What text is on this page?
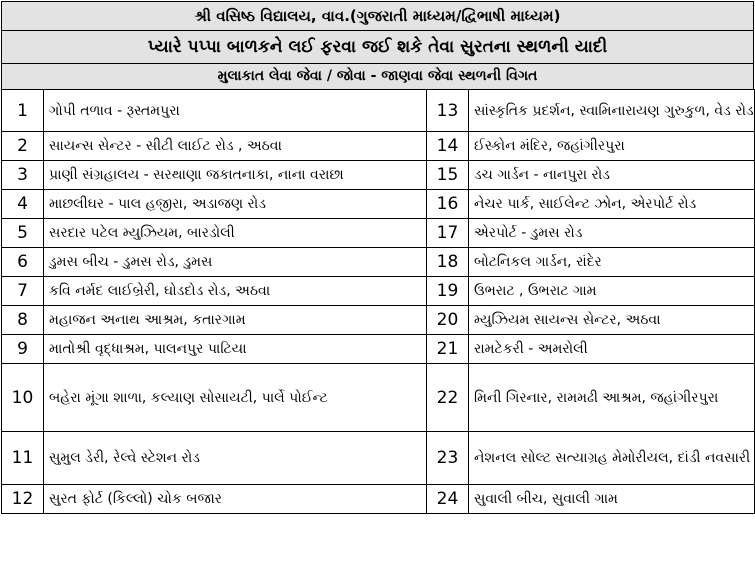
શ્રી વસિષ્ઠ વિદ્યાલય, વાવ.(ગુજરાતી માધ્યમ/દ્વિભાષી માધ્યમ)
પ્યારે પપ્પા બાળકને લઈ ફરવા જઈ શકે તેવા સુરતના સ્થળની યાદી
મુલાકાત લેવા જેવા / જોવા - જાણવા જેવા સ્થળની વિગત
1	ગોપી તળાવ - રૂસ્તમપુરા	13	સાંસ્કૃતિક પ્રદર્શન, સ્વામિનારાયણ ગુરુકુળ, વેડ રોડ
2	સાયન્સ સેન્ટર - સીટી લાઈટ રોડ , અઠવા	14	ઈસ્કોન મંદિર, જહાંગીરપુરા
3	પ્રાણી સંગ્રહાલય - સરથાણા જકાતનાકા, નાના વરાછા	15	ડચ ગાર્ડન - નાનપુરા રોડ
4	માછલીઘર - પાલ હજીરા, અડાજણ રોડ	16	નેચર પાર્ક, સાઈલેન્ટ ઝોન, એરપોર્ટ રોડ
5	સરદાર પટેલ મ્યુઝિયમ, બારડોલી	17	એરપોર્ટ - ડુમસ રોડ
6	ડુમસ બીચ - ડુમસ રોડ, ડુમસ	18	બોટનિકલ ગાર્ડન, રાંદેર
7	કવિ નર્મદ લાઈબ્રેરી, ઘોડદોડ રોડ, અઠવા	19	ઉભરાટ , ઉભરાટ ગામ
8	મહાજન અનાથ આશ્રમ, કતારગામ	20	મ્યુઝિયમ સાયન્સ સેન્ટર, અઠવા
9	માતોશ્રી વૃદ્ધાશ્રમ, પાલનપુર પાટિયા	21	રામટેકરી - અમરોલી
10	બહેરા મૂંગા શાળા, કલ્યાણ સોસાયટી, પાર્લે પોઈન્ટ	22	મિની ગિરનાર, રામમઢી આશ્રમ, જહાંગીરપુરા
11	સુમુલ ડેરી, રેલ્વે સ્ટેશન રોડ	23	નેશનલ સોલ્ટ સત્યાગ્રહ મેમોરીયલ, દાંડી નવસારી
12	સુરત ફોર્ટ (કિલ્લો) ચોક બજાર	24	સુવાલી બીચ, સુવાલી ગામ
